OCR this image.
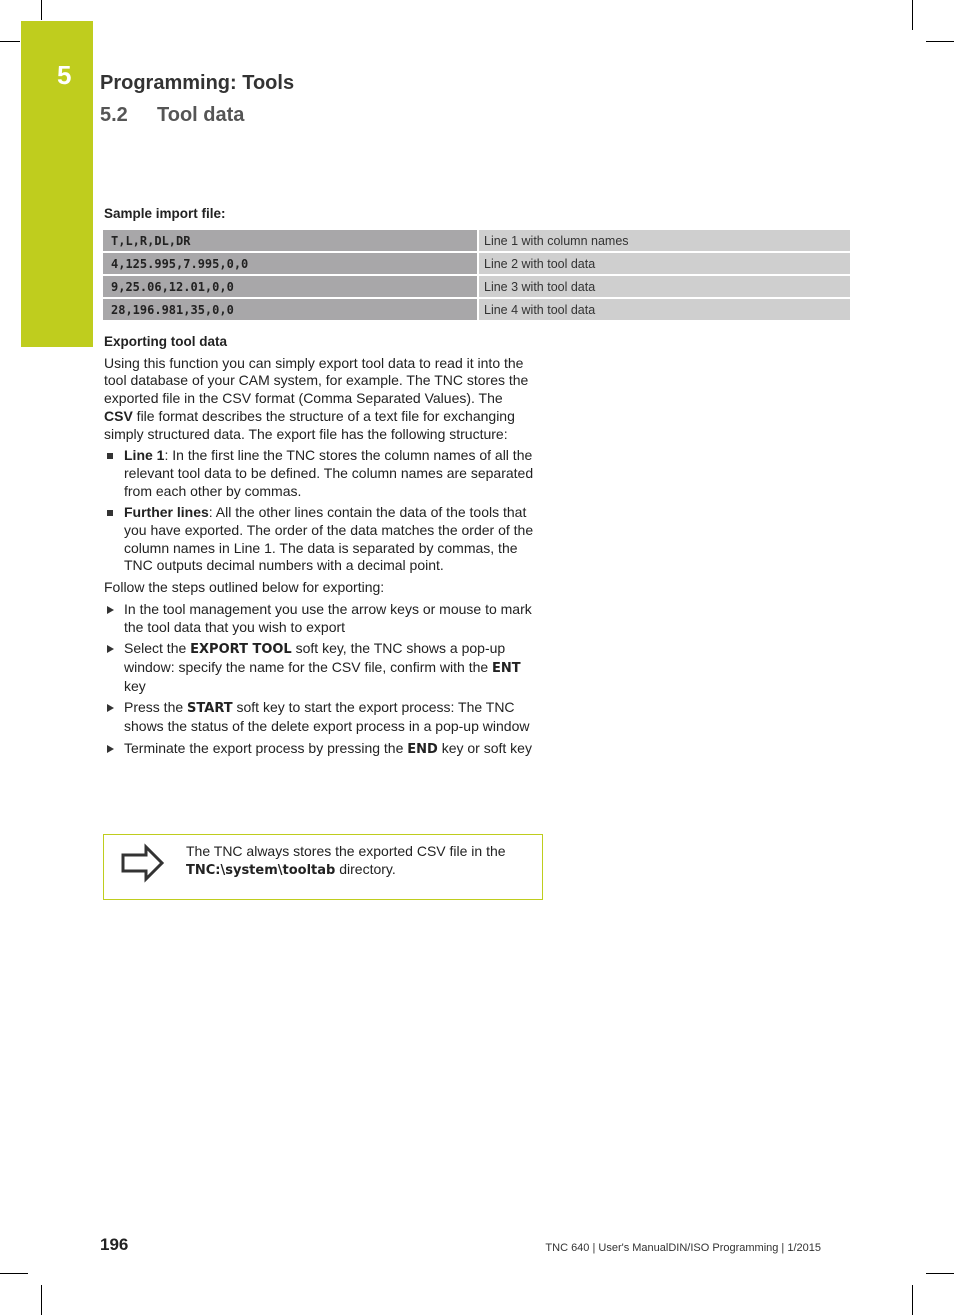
5 Programming: Tools
5.2 Tool data
Sample import file:
T,L,R,DL,DR	Line 1 with column names
4,125.995,7.995,0,0	Line 2 with tool data
9,25.06,12.01,0,0	Line 3 with tool data
28,196.981,35,0,0	Line 4 with tool data
Exporting tool data

Using this function you can simply export tool data to read it into the tool database of your CAM system, for example. The TNC stores the exported file in the CSV format (Comma Separated Values). The CSV file format describes the structure of a text file for exchanging simply structured data. The export file has the following structure:

Line 1: In the first line the TNC stores the column names of all the relevant tool data to be defined. The column names are separated from each other by commas.
Further lines: All the other lines contain the data of the tools that you have exported. The order of the data matches the order of the column names in Line 1. The data is separated by commas, the TNC outputs decimal numbers with a decimal point.

Follow the steps outlined below for exporting:

In the tool management you use the arrow keys or mouse to mark the tool data that you wish to export
Select the EXPORT TOOL soft key, the TNC shows a pop-up window: specify the name for the CSV file, confirm with the ENT key
Press the START soft key to start the export process: The TNC shows the status of the delete export process in a pop-up window
Terminate the export process by pressing the END key or soft key
The TNC always stores the exported CSV file in the TNC:\system\tooltab directory.
196	TNC 640 | User's ManualDIN/ISO Programming | 1/2015
